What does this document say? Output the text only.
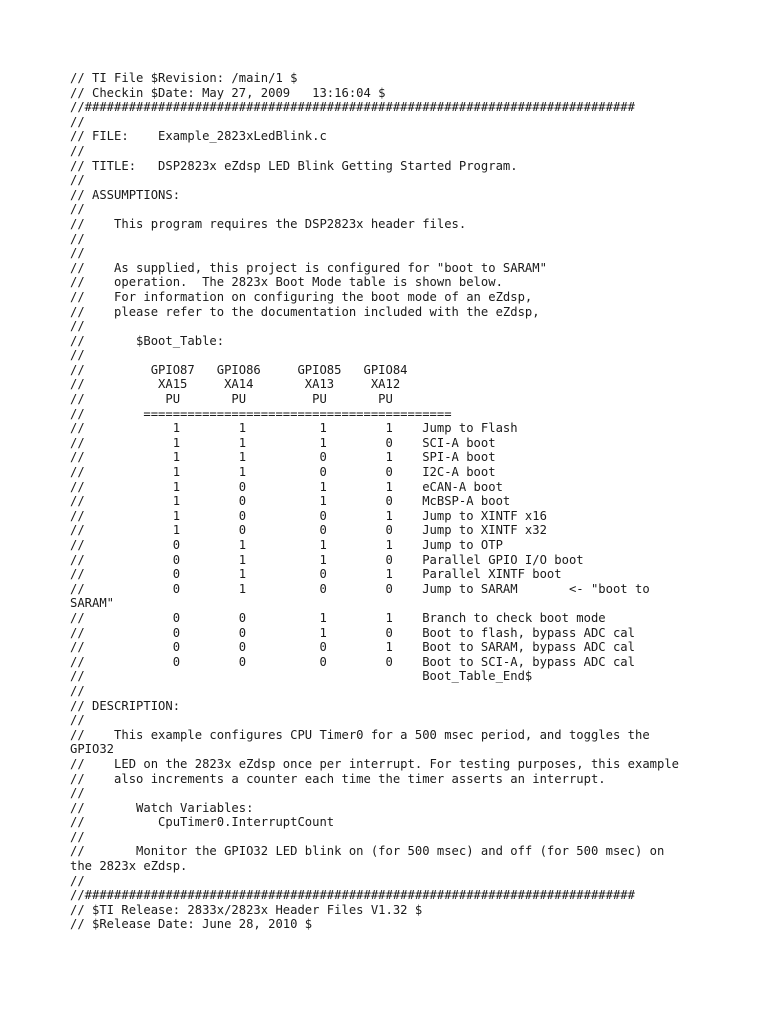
// TI File $Revision: /main/1 $
// Checkin $Date: May 27, 2009   13:16:04 $
//###########################################################################
//
// FILE:    Example_2823xLedBlink.c
//
// TITLE:   DSP2823x eZdsp LED Blink Getting Started Program.
//
// ASSUMPTIONS:
//
//    This program requires the DSP2823x header files.
//
//
//    As supplied, this project is configured for "boot to SARAM"
//    operation.  The 2823x Boot Mode table is shown below.
//    For information on configuring the boot mode of an eZdsp,
//    please refer to the documentation included with the eZdsp,
//
//       $Boot_Table:
//
//         GPIO87   GPIO86     GPIO85   GPIO84
//          XA15     XA14       XA13     XA12
//           PU       PU         PU       PU
//        ==========================================
//            1        1          1        1    Jump to Flash
//            1        1          1        0    SCI-A boot
//            1        1          0        1    SPI-A boot
//            1        1          0        0    I2C-A boot
//            1        0          1        1    eCAN-A boot
//            1        0          1        0    McBSP-A boot
//            1        0          0        1    Jump to XINTF x16
//            1        0          0        0    Jump to XINTF x32
//            0        1          1        1    Jump to OTP
//            0        1          1        0    Parallel GPIO I/O boot
//            0        1          0        1    Parallel XINTF boot
//            0        1          0        0    Jump to SARAM       <- "boot to
SARAM"
//            0        0          1        1    Branch to check boot mode
//            0        0          1        0    Boot to flash, bypass ADC cal
//            0        0          0        1    Boot to SARAM, bypass ADC cal
//            0        0          0        0    Boot to SCI-A, bypass ADC cal
//                                              Boot_Table_End$
//
// DESCRIPTION:
//
//    This example configures CPU Timer0 for a 500 msec period, and toggles the
GPIO32
//    LED on the 2823x eZdsp once per interrupt. For testing purposes, this example
//    also increments a counter each time the timer asserts an interrupt.
//
//       Watch Variables:
//          CpuTimer0.InterruptCount
//
//       Monitor the GPIO32 LED blink on (for 500 msec) and off (for 500 msec) on
the 2823x eZdsp.
//
//###########################################################################
// $TI Release: 2833x/2823x Header Files V1.32 $
// $Release Date: June 28, 2010 $
